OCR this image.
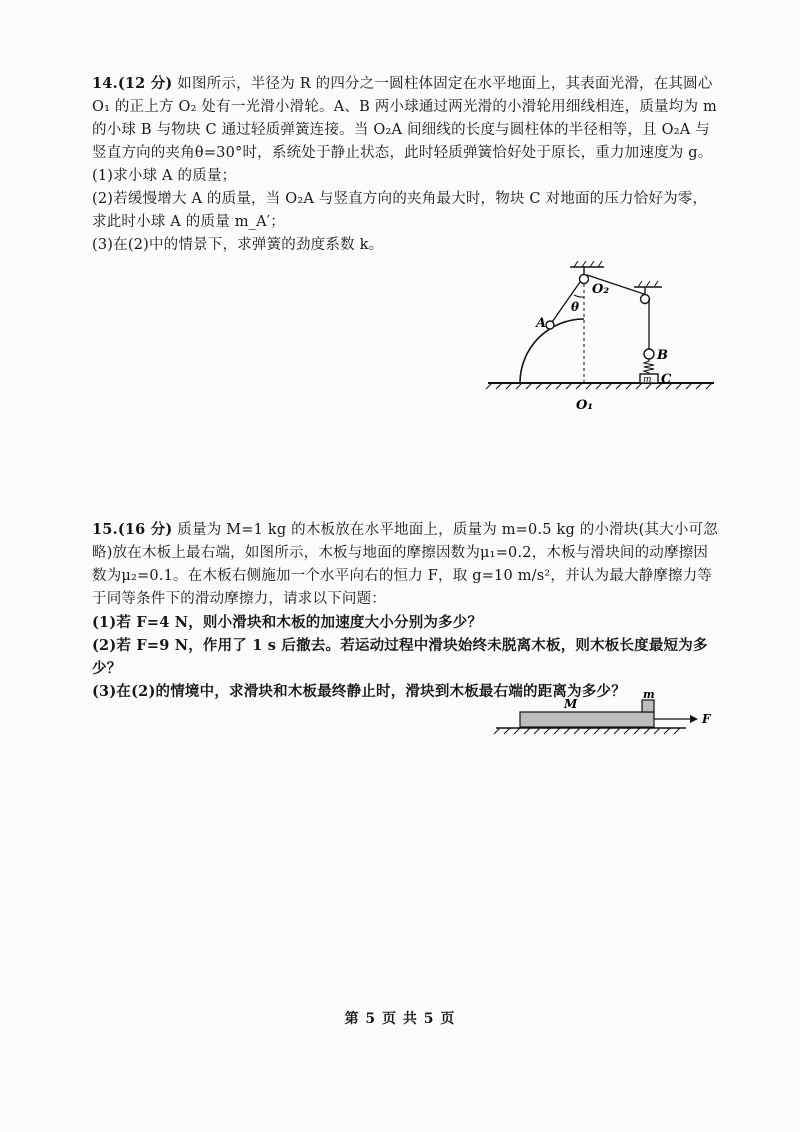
14.(12 分) 如图所示，半径为 R 的四分之一圆柱体固定在水平地面上，其表面光滑，在其圆心 O₁ 的正上方 O₂ 处有一光滑小滑轮。A、B 两小球通过两光滑的小滑轮用细线相连，质量均为 m 的小球 B 与物块 C 通过轻质弹簧连接。当 O₂A 间细线的长度与圆柱体的半径相等，且 O₂A 与竖直方向的夹角θ=30°时，系统处于静止状态，此时轻质弹簧恰好处于原长，重力加速度为 g。

(1)求小球 A 的质量；

(2)若缓慢增大 A 的质量，当 O₂A 与竖直方向的夹角最大时，物块 C 对地面的压力恰好为零，求此时小球 A 的质量 m_A′；

(3)在(2)中的情景下，求弹簧的劲度系数 k。

O₂
θ
A
B
C
m
O₁

15.(16 分) 质量为 M=1 kg 的木板放在水平地面上，质量为 m=0.5 kg 的小滑块(其大小可忽略)放在木板上最右端，如图所示，木板与地面的摩擦因数为μ₁=0.2，木板与滑块间的动摩擦因数为μ₂=0.1。在木板右侧施加一个水平向右的恒力 F，取 g=10 m/s²，并认为最大静摩擦力等于同等条件下的滑动摩擦力，请求以下问题：

(1)若 F=4 N，则小滑块和木板的加速度大小分别为多少？

(2)若 F=9 N，作用了 1 s 后撤去。若运动过程中滑块始终未脱离木板，则木板长度最短为多少？

(3)在(2)的情境中，求滑块和木板最终静止时，滑块到木板最右端的距离为多少？

M
m
F
第 5 页 共 5 页
